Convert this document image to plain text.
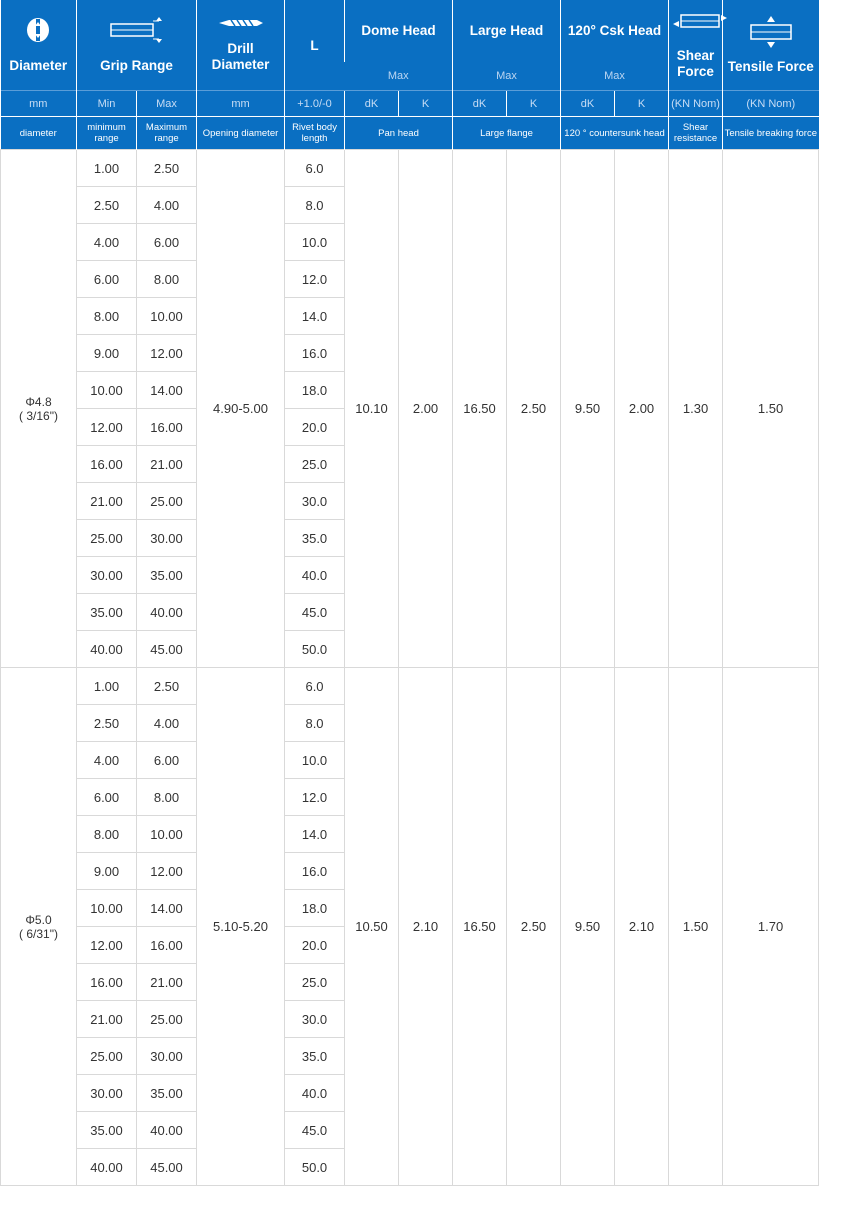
Diameter	Grip Range		Drill Diameter	L	Dome Head		Large Head		120° Csk Head		Shear Force	Tensile Force

					Max		Max		Max			
mm	Min	Max	mm	+1.0/-0	dK	K	dK	K	dK	K	(KN Nom)	(KN Nom)
diameter	minimum range	Maximum range	Opening diameter	Rivet body length	Pan head		Large flange		120 ° countersunk head		Shear resistance	Tensile breaking force

Φ4.8
( 3/16")	1.00	2.50	4.90-5.00	6.0	10.10	2.00	16.50	2.50	9.50	2.00	1.30	1.50
	2.50	4.00		8.0								
	4.00	6.00		10.0								
	6.00	8.00		12.0								
	8.00	10.00		14.0								
	9.00	12.00		16.0								
	10.00	14.00		18.0								
	12.00	16.00		20.0								
	16.00	21.00		25.0								
	21.00	25.00		30.0								
	25.00	30.00		35.0								
	30.00	35.00		40.0								
	35.00	40.00		45.0								
	40.00	45.00		50.0								

Φ5.0
( 6/31")	1.00	2.50	5.10-5.20	6.0	10.50	2.10	16.50	2.50	9.50	2.10	1.50	1.70
	2.50	4.00		8.0								
	4.00	6.00		10.0								
	6.00	8.00		12.0								
	8.00	10.00		14.0								
	9.00	12.00		16.0								
	10.00	14.00		18.0								
	12.00	16.00		20.0								
	16.00	21.00		25.0								
	21.00	25.00		30.0								
	25.00	30.00		35.0								
	30.00	35.00		40.0								
	35.00	40.00		45.0								
	40.00	45.00		50.0								
